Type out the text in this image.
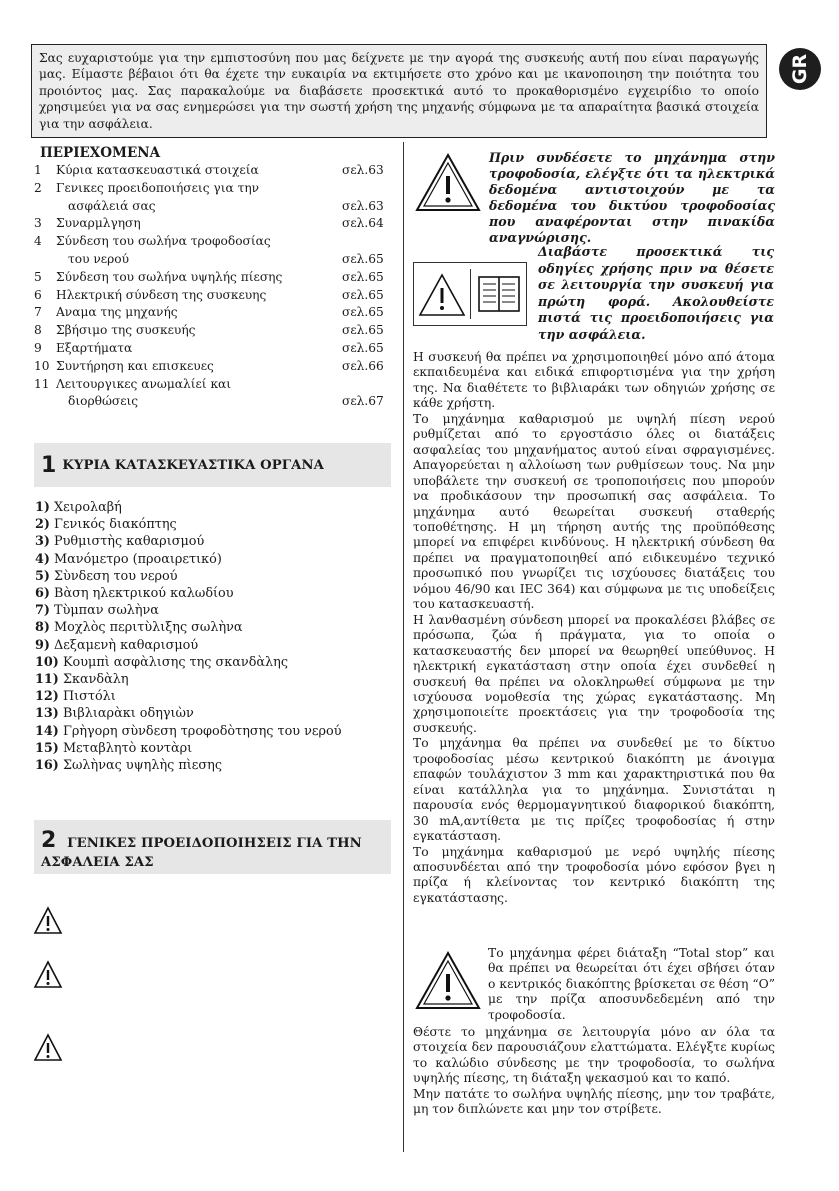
Σας ευχαριστούμε για την εμπιστοσύνη που μας δείχνετε με την αγορά της συσκευής αυτή που είναι παραγωγής μας. Είμαστε βέβαιοι ότι θα έχετε την ευκαιρία να εκτιμήσετε στο χρόνο και με ικανοποιηση την ποιότητα του προιόντος μας. Σας παρακαλούμε να διαβάσετε προσεκτικά αυτό το προκαθορισμένο εγχειρίδιο το οποίο χρησιμεύει για να σας ενημερώσει για την σωστή χρήση της μηχανής σύμφωνα με τα απαραίτητα βασικά στοιχεία για την ασφάλεια.
GR
ΠΕΡΙΕΧΟΜΕΝΑ
1	Κύρια κατασκευαστικά στοιχεία	σελ.63
2	Γενικες προειδοποιήσεις για την
ασφάλειά σας	σελ.63
3	Συναρμλγηση	σελ.64
4	Σύνδεση του σωλήνα τροφοδοσίας
του νερού	σελ.65
5	Σύνδεση του σωλήνα υψηλής πίεσης	σελ.65
6	Ηλεκτρική σύνδεση της συσκευης	σελ.65
7	Αναμα της μηχανής	σελ.65
8	Σβήσιμο της συσκευής	σελ.65
9	Εξαρτήματα	σελ.65
10 Συντήρηση και επισκευες	σελ.66
11 Λειτουργικες ανωμαλίεί και
διορθώσεις	σελ.67
1 ΚΥΡΙΑ ΚΑΤΑΣΚΕΥΑΣΤΙΚΑ ΟΡΓΑΝΑ
1) Χειρολαβή
2) Γενικός διακόπτης
3) Ρυθμιστὴς καθαρισμού
4) Μανόμετρο (προαιρετικό)
5) Σὺνδεση του νερού
6) Βὰση ηλεκτρικού καλωδίου
7) Τὺμπαν σωλὴνα
8) Μοχλὸς περιτὺλιξης σωλὴνα
9) Δεξαμενὴ καθαρισμού
10) Κουμπὶ ασφὰλισης της σκανδὰλης
11) Σκανδὰλη
12) Πιστόλι
13) Βιβλιαρὰκι οδηγιὼν
14) Γρὴγορη σὺνδεση τροφοδὸτησης του νερού
15) Μεταβλητὸ κοντὰρι
16) Σωλὴνας υψηλὴς πὶεσης
2 ΓΕΝΙΚΕΣ ΠΡΟΕΙΔΟΠΟΙΗΣΕΙΣ ΓΙΑ ΤΗΝ
ΑΣΦΑΛΕΙΑ ΣΑΣ
Πριν συνδέσετε το μηχάνημα στην τροφοδοσία, ελέγξτε ότι τα ηλεκτρικά δεδομένα αντιστοιχούν με τα δεδομένα του δικτύου τροφοδοσίας που αναφέρονται στην πινακίδα αναγνώρισης.
Διαβάστε προσεκτικά τις οδηγίες χρήσης πριν να θέσετε σε λειτουργία την συσκευή για πρώτη φορά. Ακολουθείστε πιστά τις προειδοποιήσεις για την ασφάλεια.

Η συσκευή θα πρέπει να χρησιμοποιηθεί μόνο από άτομα εκπαιδευμένα και ειδικά επιφορτισμένα για την χρήση της. Να διαθέτετε το βιβλιαράκι των οδηγιών χρήσης σε κάθε χρήστη.

Το μηχάνημα καθαρισμού με υψηλή πίεση νερού ρυθμίζεται από το εργοστάσιο όλες οι διατάξεις ασφαλείας του μηχανήματος αυτού είναι σφραγισμένες. Απαγορεύεται η αλλοίωση των ρυθμίσεων τους. Να μην υποβάλετε την συσκευή σε τροποποιήσεις που μπορούν να προδικάσουν την προσωπική σας ασφάλεια. Το μηχάνημα αυτό θεωρείται συσκευή σταθερής τοποθέτησης. Η μη τήρηση αυτής της προϋπόθεσης μπορεί να επιφέρει κινδύνους. Η ηλεκτρική σύνδεση θα πρέπει να πραγματοποιηθεί από ειδικευμένο τεχνικό προσωπικό που γνωρίζει τις ισχύουσες διατάξεις του νόμου 46/90 και IEC 364) και σύμφωνα με τις υποδείξεις του κατασκευαστή.

Η λανθασμένη σύνδεση μπορεί να προκαλέσει βλάβες σε πρόσωπα, ζώα ή πράγματα, για το οποία ο κατασκευαστής δεν μπορεί να θεωρηθεί υπεύθυνος. Η ηλεκτρική εγκατάσταση στην οποία έχει συνδεθεί η συσκευή θα πρέπει να ολοκληρωθεί σύμφωνα με την ισχύουσα νομοθεσία της χώρας εγκατάστασης. Μη χρησιμοποιείτε προεκτάσεις για την τροφοδοσία της συσκευής.

Το μηχάνημα θα πρέπει να συνδεθεί με το δίκτυο τροφοδοσίας μέσω κεντρικού διακόπτη με άνοιγμα επαφών τουλάχιστον 3 mm και χαρακτηριστικά που θα είναι κατάλληλα για το μηχάνημα. Συνιστάται η παρουσία ενός θερμομαγνητικού διαφορικού διακόπτη, 30 mA,αντίθετα με τις πρίζες τροφοδοσίας ή στην εγκατάσταση.

Το μηχάνημα καθαρισμού με νερό υψηλής πίεσης αποσυνδέεται από την τροφοδοσία μόνο εφόσον βγει η πρίζα ή κλείνοντας τον κεντρικό διακόπτη της εγκατάστασης.

Το μηχάνημα φέρει διάταξη “Total stop” και θα πρέπει να θεωρείται ότι έχει σβήσει όταν ο κεντρικός διακόπτης βρίσκεται σε θέση “O” με την πρίζα αποσυνδεδεμένη από την τροφοδοσία.

Θέστε το μηχάνημα σε λειτουργία μόνο αν όλα τα στοιχεία δεν παρουσιάζουν ελαττώματα. Ελέγξτε κυρίως το καλώδιο σύνδεσης με την τροφοδοσία, το σωλήνα υψηλής πίεσης, τη διάταξη ψεκασμού και το καπό.

Μην πατάτε το σωλήνα υψηλής πίεσης, μην τον τραβάτε, μη τον διπλώνετε και μην τον στρίβετε.
